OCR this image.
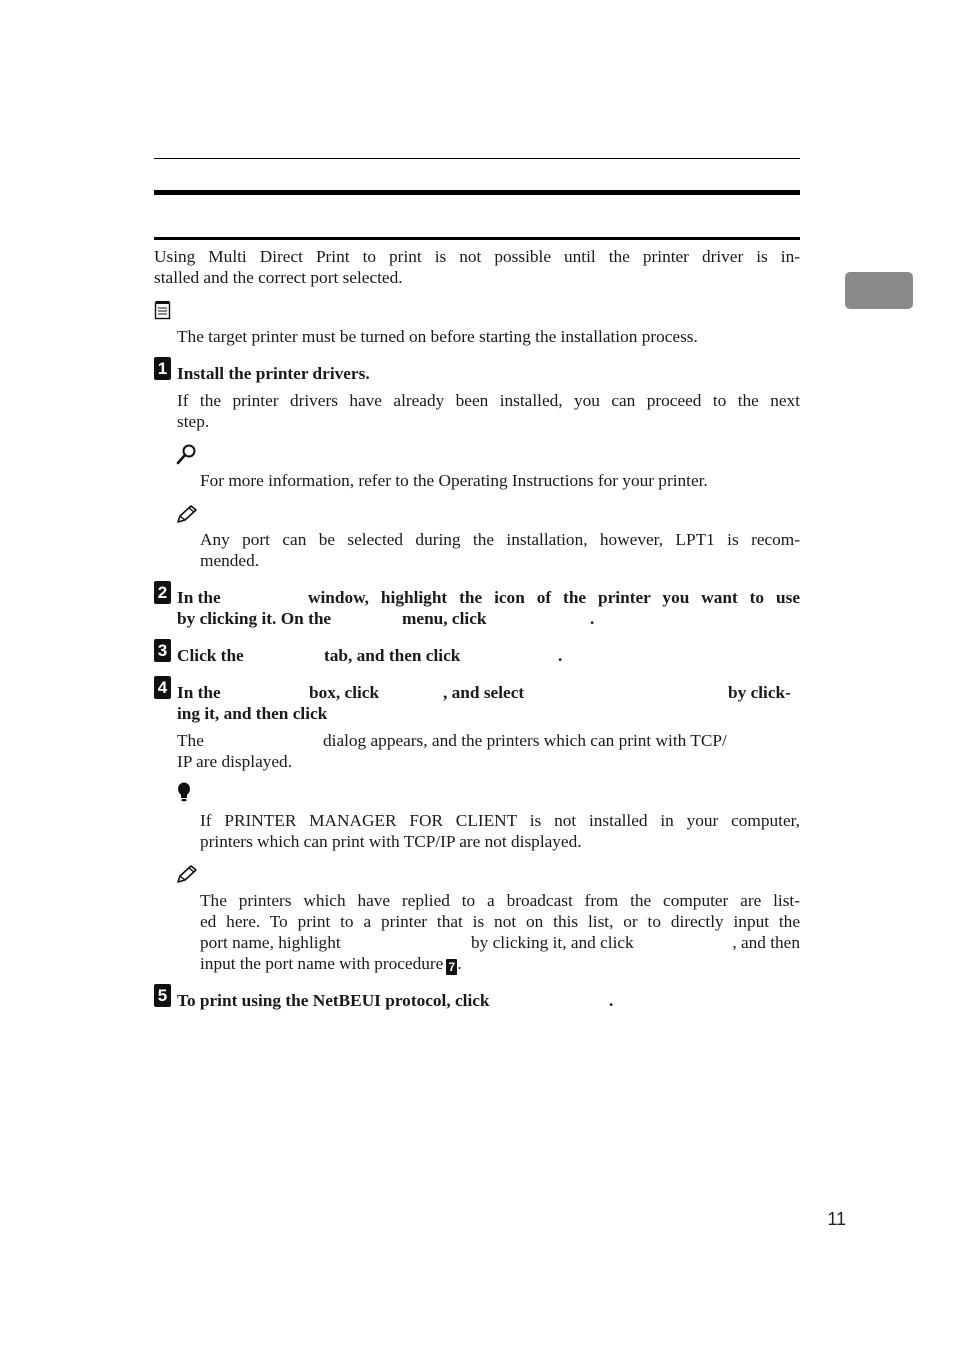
Using Multi Direct Print to print is not possible until the printer driver is in-

stalled and the correct port selected.

The target printer must be turned on before starting the installation process.

1 Install the printer drivers.

If the printer drivers have already been installed, you can proceed to the next

step.

For more information, refer to the Operating Instructions for your printer.

Any port can be selected during the installation, however, LPT1 is recom-

mended.

2 In the	window, highlight the icon of the printer you want to use

by clicking it. On the	menu, click	.

3 Click the	tab, and then click	.

4 In the	box, click	, and select	by click-

ing it, and then click

The	dialog appears, and the printers which can print with TCP/

IP are displayed.

If PRINTER MANAGER FOR CLIENT is not installed in your computer,

printers which can print with TCP/IP are not displayed.

The printers which have replied to a broadcast from the computer are list-

ed here. To print to a printer that is not on this list, or to directly input the

port name, highlight	by clicking it, and click	, and then

input the port name with procedure 7 .

5 To print using the NetBEUI protocol, click	.

11
